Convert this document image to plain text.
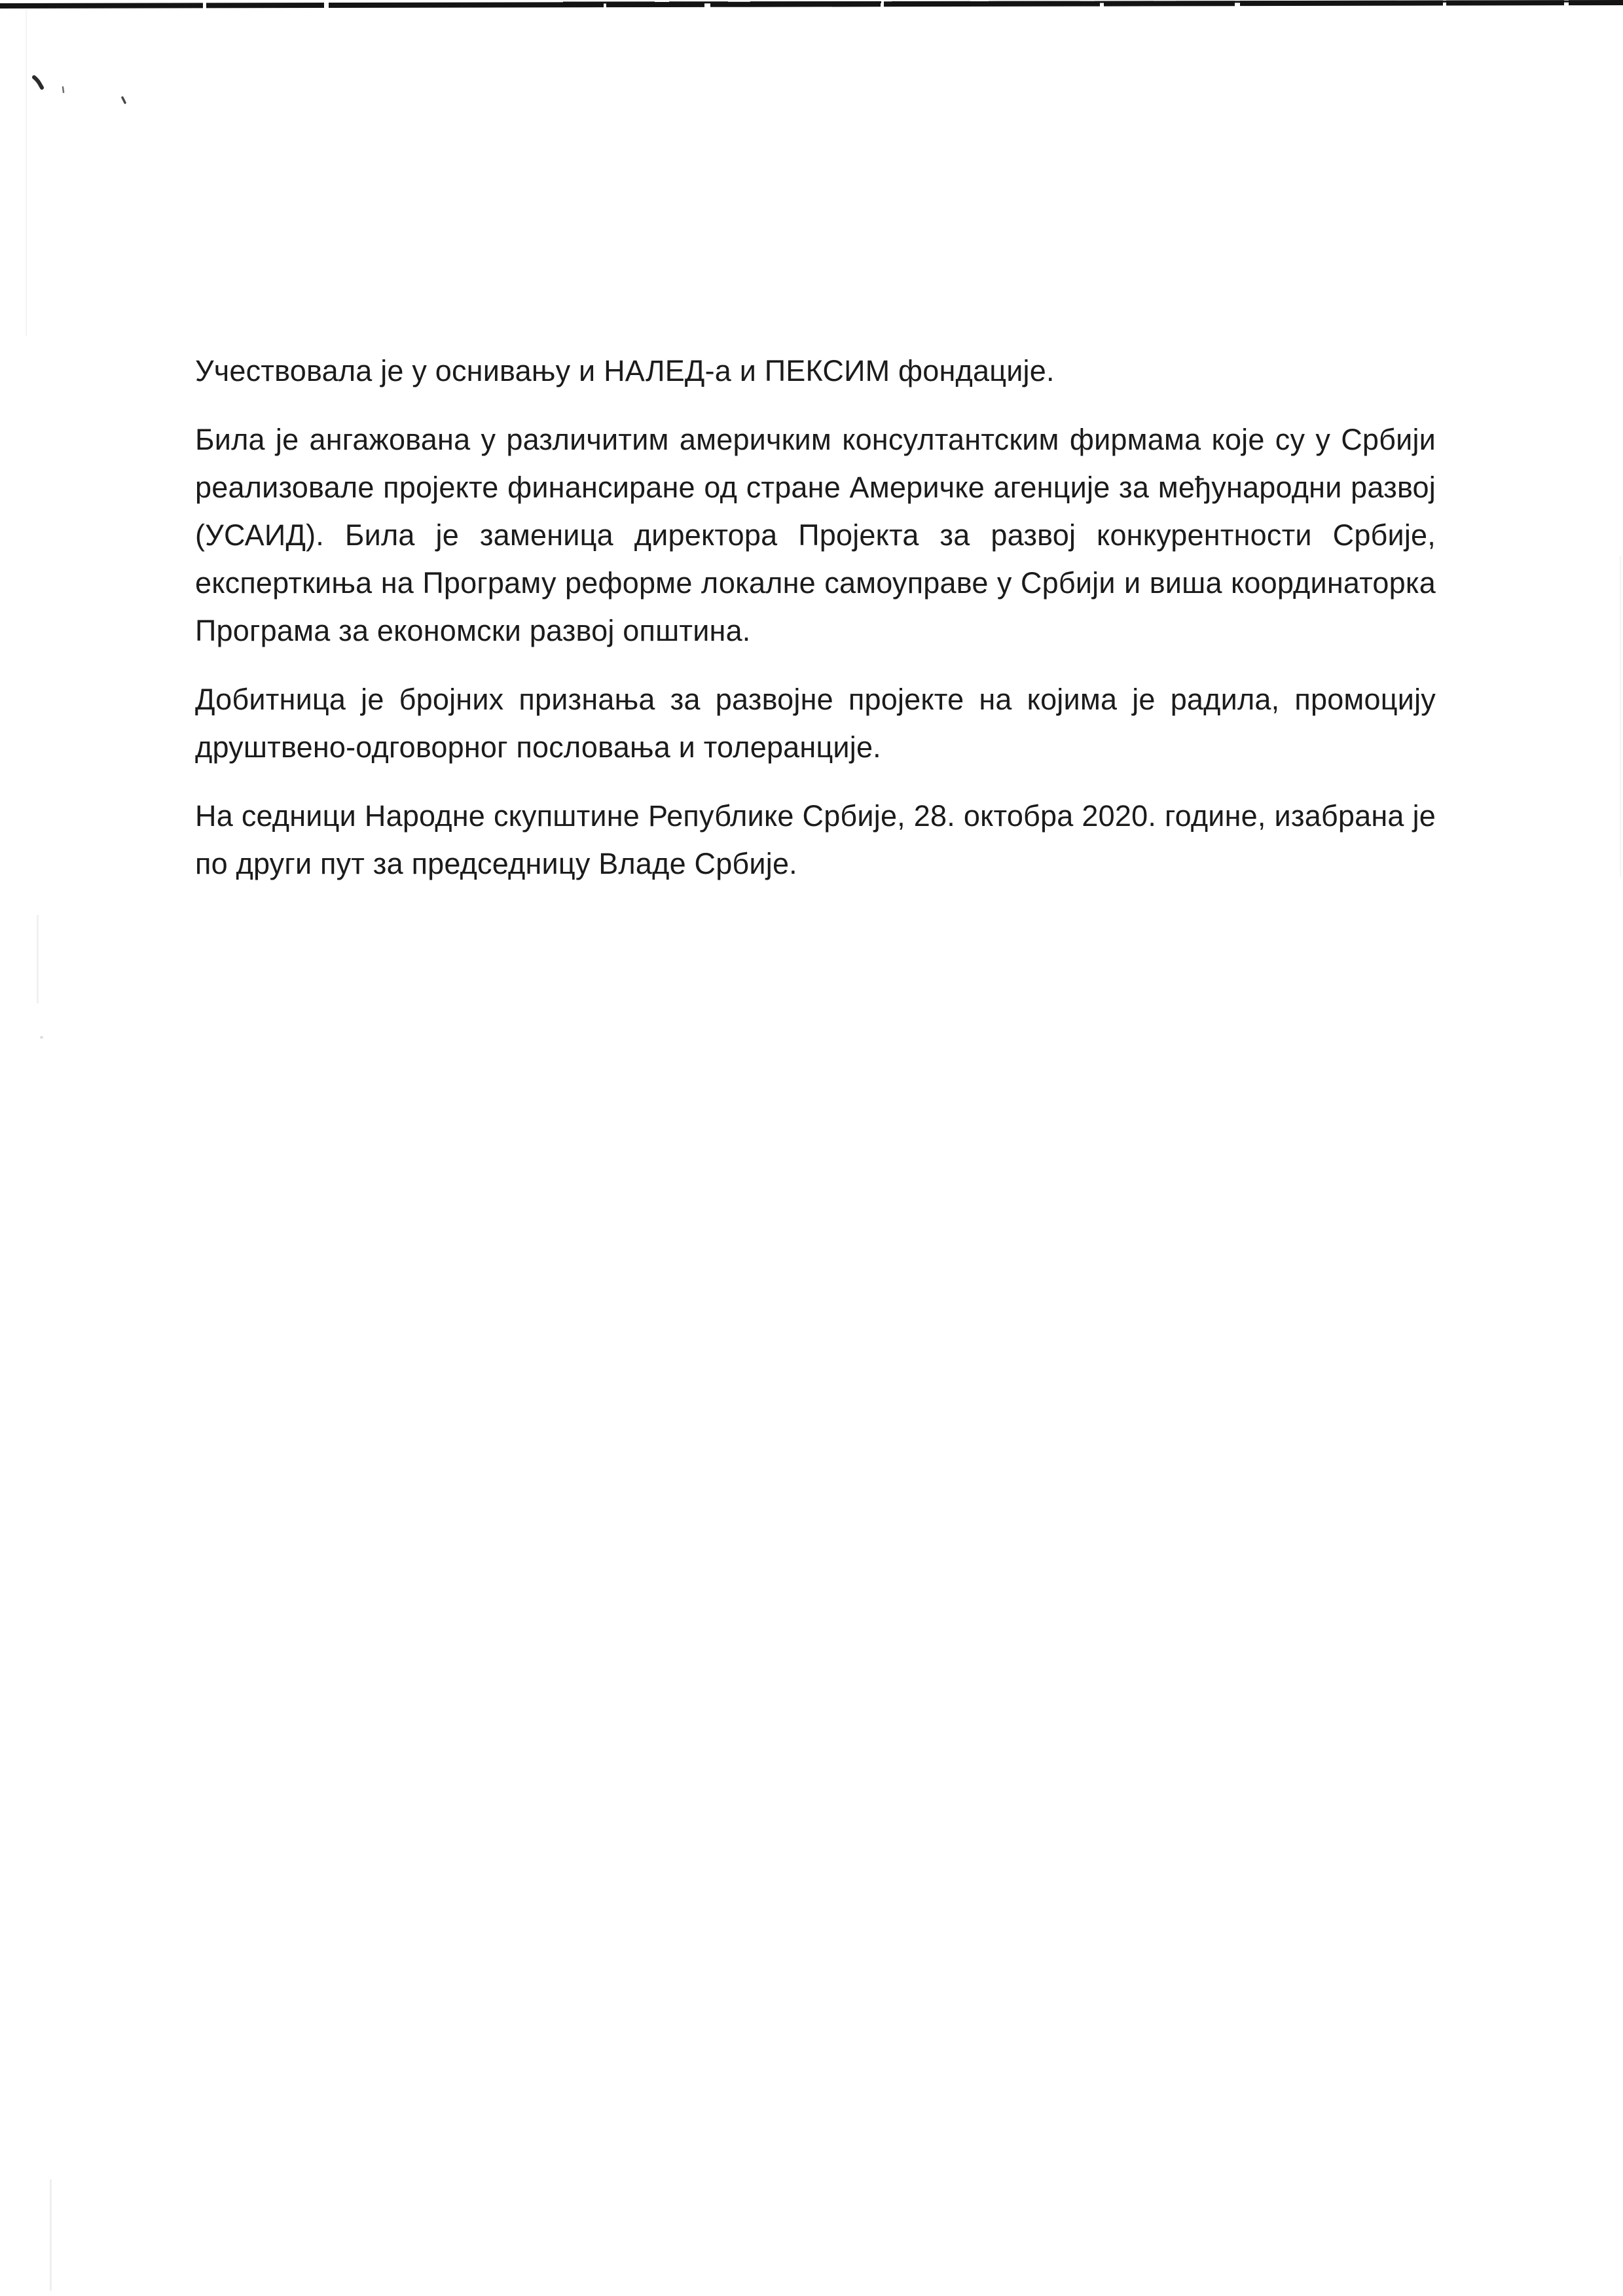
Учествовала је у оснивању и НАЛЕД-а и ПЕКСИМ фондације.
Била је ангажована у различитим америчким консултантским фирмама које су у Србији
реализовале пројекте финансиране од стране Америчке агенције за међународни развој
(УСАИД). Била је заменица директора Пројекта за развој конкурентности Србије,
експерткиња на Програму реформе локалне самоуправе у Србији и виша координаторка
Програма за економски развој општина.
Добитница је бројних признања за развојне пројекте на којима је радила, промоцију
друштвено-одговорног пословања и толеранције.
На седници Народне скупштине Републике Србије, 28. октобра 2020. године, изабрана је
по други пут за председницу Владе Србије.
